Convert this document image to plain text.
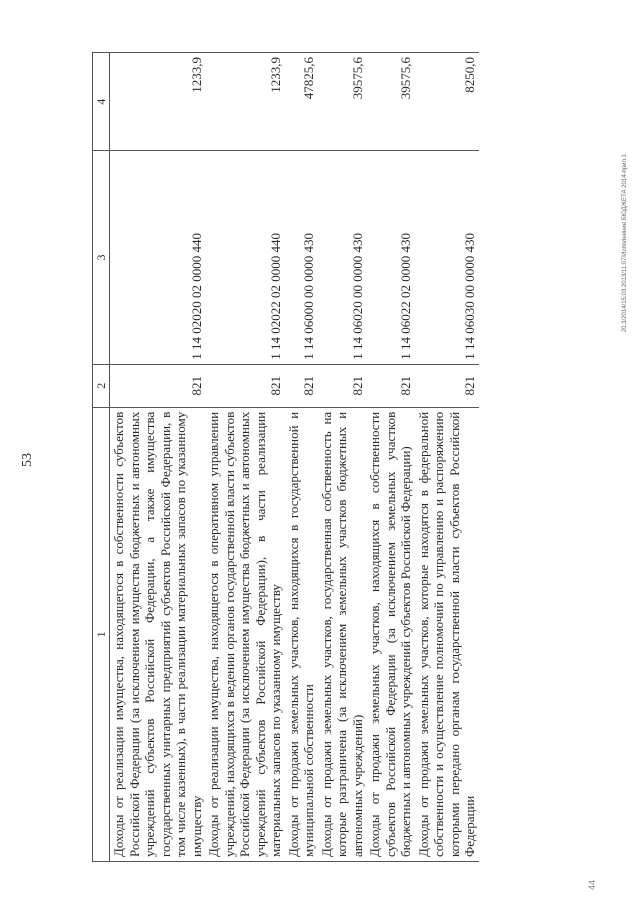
53
1	2	3	4
Доходы от реализации имущества, находящегося в собственности субъектов Российской Федерации (за исключением имущества бюджетных и автономных учреждений субъектов Российской Федерации, а также имущества государственных унитарных предприятий субъектов Российской Федерации, в том числе казенных), в части реализации материальных запасов по указанному имуществу	821	1 14 02020 02 0000 440	1233,9
Доходы от реализации имущества, находящегося в оперативном управлении учреждений, находящихся в ведении органов государственной власти субъектов Российской Федерации (за исключением имущества бюджетных и автономных учреждений субъектов Российской Федерации), в части реализации материальных запасов по указанному имуществу	821	1 14 02022 02 0000 440	1233,9
Доходы от продажи земельных участков, находящихся в государственной и муниципальной собственности	821	1 14 06000 00 0000 430	47825,6
Доходы от продажи земельных участков, государственная собственность на которые разграничена (за исключением земельных участков бюджетных и автономных учреждений)	821	1 14 06020 00 0000 430	39575,6
Доходы от продажи земельных участков, находящихся в собственности субъектов Российской Федерации (за исключением земельных участков бюджетных и автономных учреждений субъектов Российской Федерации)	821	1 14 06022 02 0000 430	39575,6
Доходы от продажи земельных участков, которые находятся в федеральной собственности и осуществление полномочий по управлению и распоряжению которыми передано органам государственной власти субъектов Российской Федерации	821	1 14 06030 00 0000 430	8250,0
20.3/2014/15.03.2013/11:07/Исполнение БЮДЖЕТА 2014-прил.1
44
